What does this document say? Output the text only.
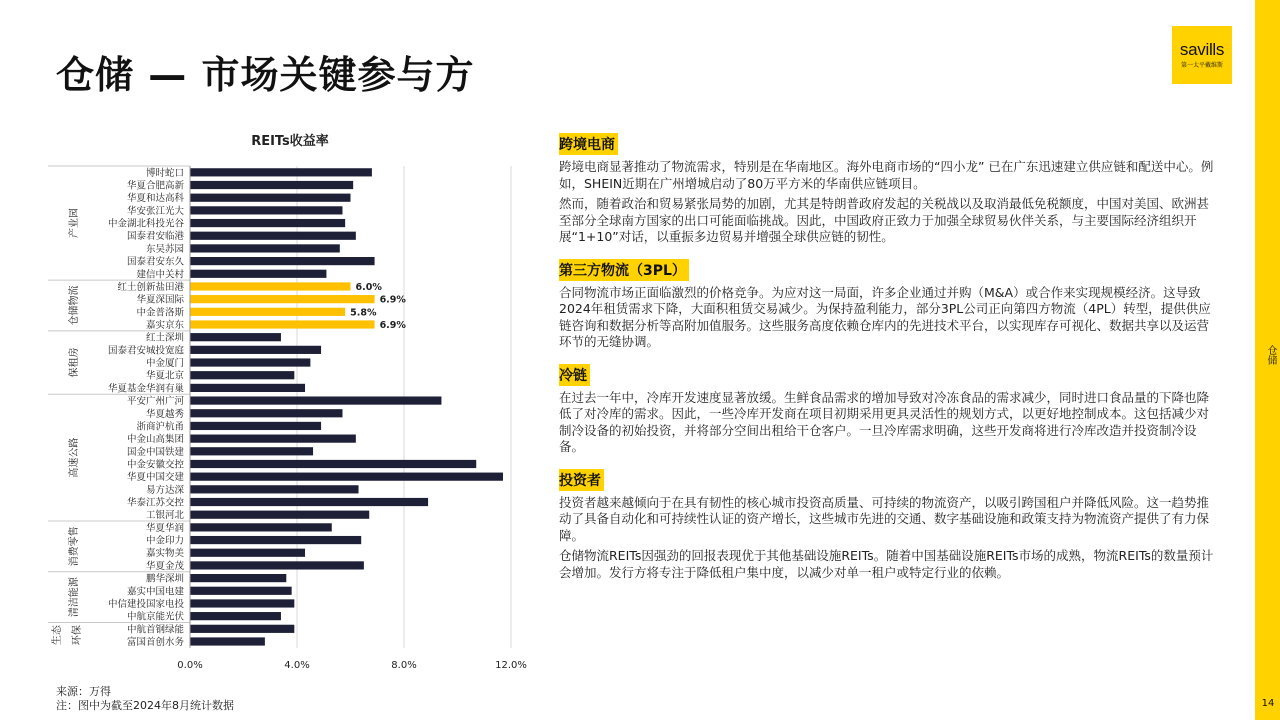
仓储 — 市场关键参与方
savills
第一太平戴维斯
仓储
14
REITs收益率
博时蛇口
华夏合肥高新
华夏和达高科
华安张江光大
中金湖北科投光谷
国泰君安临港
东吴苏园
国泰君安东久
建信中关村
产业园
红土创新盐田港	6.0%
华夏深国际	6.9%
中金普洛斯	5.8%
嘉实京东	6.9%
仓储物流
红土深圳
国泰君安城投宽庭
中金厦门
华夏北京
华夏基金华润有巢
保租房
平安广州广河
华夏越秀
浙商沪杭甬
中金山高集团
国金中国铁建
中金安徽交控
华夏中国交建
易方达深
华泰江苏交控
工银河北
高速公路
华夏华润
中金印力
嘉实物美
华夏金茂
消费零售
鹏华深圳
嘉实中国电建
中信建投国家电投
中航京能光伏
清洁能源
中航首钢绿能
富国首创水务
生态 环保
0.0%	4.0%	8.0%	12.0%
来源：万得
注：图中为截至2024年8月统计数据
跨境电商

跨境电商显著推动了物流需求，特别是在华南地区。海外电商市场的“四小龙” 已在广东迅速建立供应链和配送中心。例如，SHEIN近期在广州增城启动了80万平方米的华南供应链项目。

然而，随着政治和贸易紧张局势的加剧，尤其是特朗普政府发起的关税战以及取消最低免税额度，中国对美国、欧洲甚至部分全球南方国家的出口可能面临挑战。因此，中国政府正致力于加强全球贸易伙伴关系，与主要国际经济组织开展“1+10”对话，以重振多边贸易并增强全球供应链的韧性。

第三方物流（3PL）

合同物流市场正面临激烈的价格竞争。为应对这一局面，许多企业通过并购（M&A）或合作来实现规模经济。这导致2024年租赁需求下降，大面积租赁交易减少。为保持盈利能力，部分3PL公司正向第四方物流（4PL）转型，提供供应链咨询和数据分析等高附加值服务。这些服务高度依赖仓库内的先进技术平台，以实现库存可视化、数据共享以及运营环节的无缝协调。

冷链

在过去一年中，冷库开发速度显著放缓。生鲜食品需求的增加导致对冷冻食品的需求减少，同时进口食品量的下降也降低了对冷库的需求。因此，一些冷库开发商在项目初期采用更具灵活性的规划方式，以更好地控制成本。这包括减少对制冷设备的初始投资，并将部分空间出租给干仓客户。一旦冷库需求明确，这些开发商将进行冷库改造并投资制冷设备。

投资者

投资者越来越倾向于在具有韧性的核心城市投资高质量、可持续的物流资产，以吸引跨国租户并降低风险。这一趋势推动了具备自动化和可持续性认证的资产增长，这些城市先进的交通、数字基础设施和政策支持为物流资产提供了有力保障。

仓储物流REITs因强劲的回报表现优于其他基础设施REITs。随着中国基础设施REITs市场的成熟，物流REITs的数量预计会增加。发行方将专注于降低租户集中度，以减少对单一租户或特定行业的依赖。
